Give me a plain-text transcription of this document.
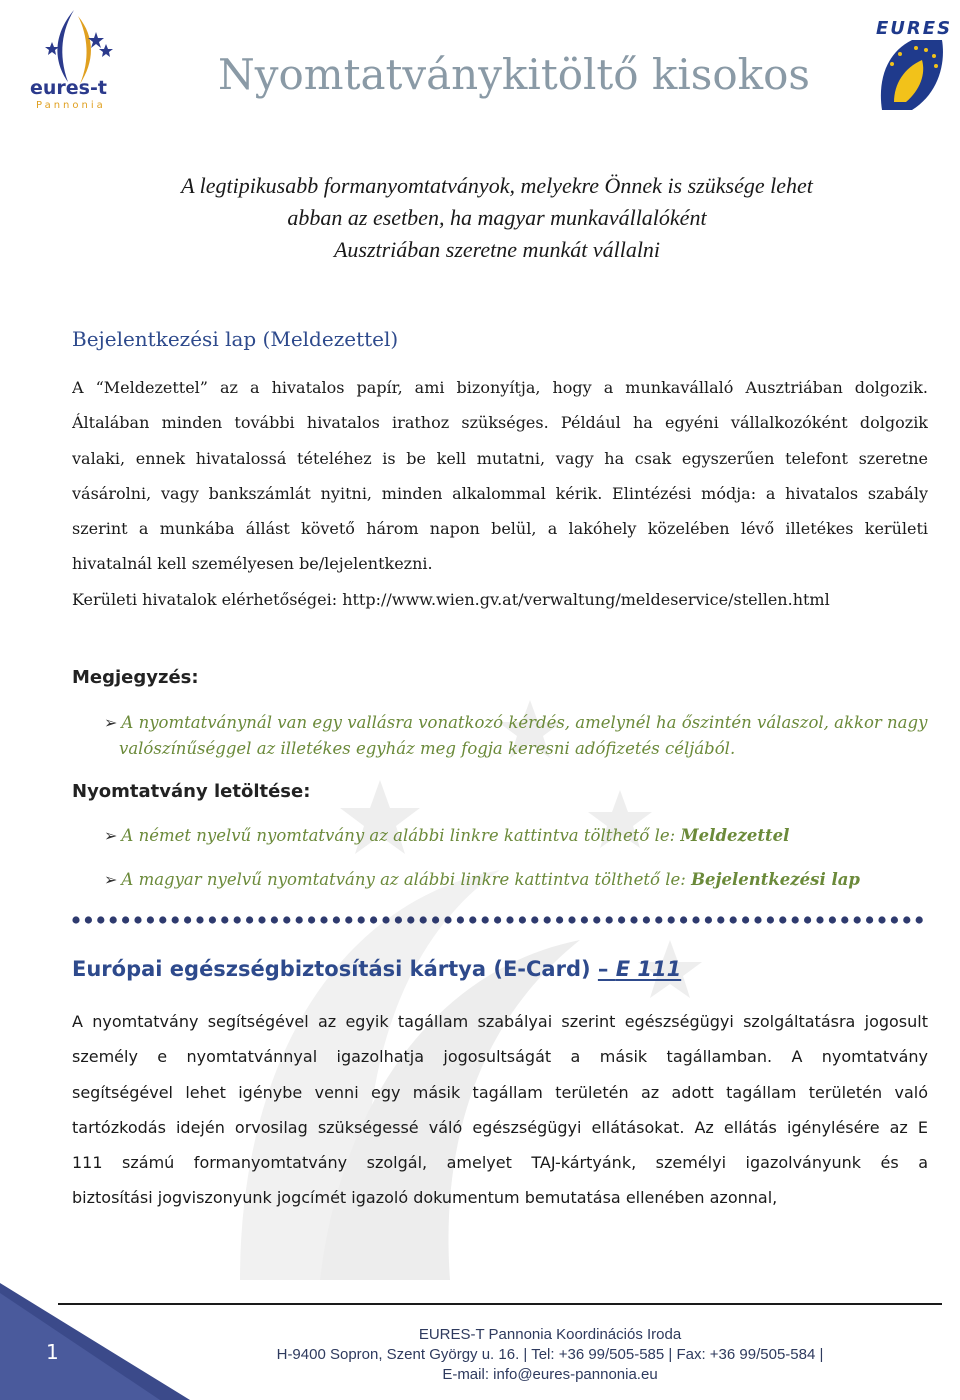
eures-t
Pannonia
EURES
Nyomtatványkitöltő kisokos
A legtipikusabb formanyomtatványok, melyekre Önnek is szüksége lehet
abban az esetben, ha magyar munkavállalóként
Ausztriában szeretne munkát vállalni
Bejelentkezési lap (Meldezettel)
A “Meldezettel” az a hivatalos papír, ami bizonyítja, hogy a munkavállaló Ausztriában dolgozik.
Általában minden további hivatalos irathoz szükséges. Például ha egyéni vállalkozóként dolgozik
valaki, ennek hivatalossá tételéhez is be kell mutatni, vagy ha csak egyszerűen telefont szeretne
vásárolni, vagy bankszámlát nyitni, minden alkalommal kérik. Elintézési módja: a hivatalos szabály
szerint a munkába állást követő három napon belül, a lakóhely közelében lévő illetékes kerületi
hivatalnál kell személyesen be/lejelentkezni.
Kerületi hivatalok elérhetőségei: http://www.wien.gv.at/verwaltung/meldeservice/stellen.html
Megjegyzés:
➢ A nyomtatványnál van egy vallásra vonatkozó kérdés, amelynél ha őszintén válaszol, akkor nagy
valószínűséggel az illetékes egyház meg fogja keresni adófizetés céljából.
Nyomtatvány letöltése:
➢ A német nyelvű nyomtatvány az alábbi linkre kattintva tölthető le: Meldezettel
➢ A magyar nyelvű nyomtatvány az alábbi linkre kattintva tölthető le: Bejelentkezési lap
Európai egészségbiztosítási kártya (E-Card) – E 111
A nyomtatvány segítségével az egyik tagállam szabályai szerint egészségügyi szolgáltatásra jogosult
személy e nyomtatvánnyal igazolhatja jogosultságát a másik tagállamban. A nyomtatvány
segítségével lehet igénybe venni egy másik tagállam területén az adott tagállam területén való
tartózkodás idején orvosilag szükségessé váló egészségügyi ellátásokat. Az ellátás igénylésére az E
111 számú formanyomtatvány szolgál, amelyet TAJ-kártyánk, személyi igazolványunk és a
biztosítási jogviszonyunk jogcímét igazoló dokumentum bemutatása ellenében azonnal,
1
EURES-T Pannonia Koordinációs Iroda
H-9400 Sopron, Szent György u. 16. | Tel: +36 99/505-585 | Fax: +36 99/505-584 |
E-mail: info@eures-pannonia.eu
